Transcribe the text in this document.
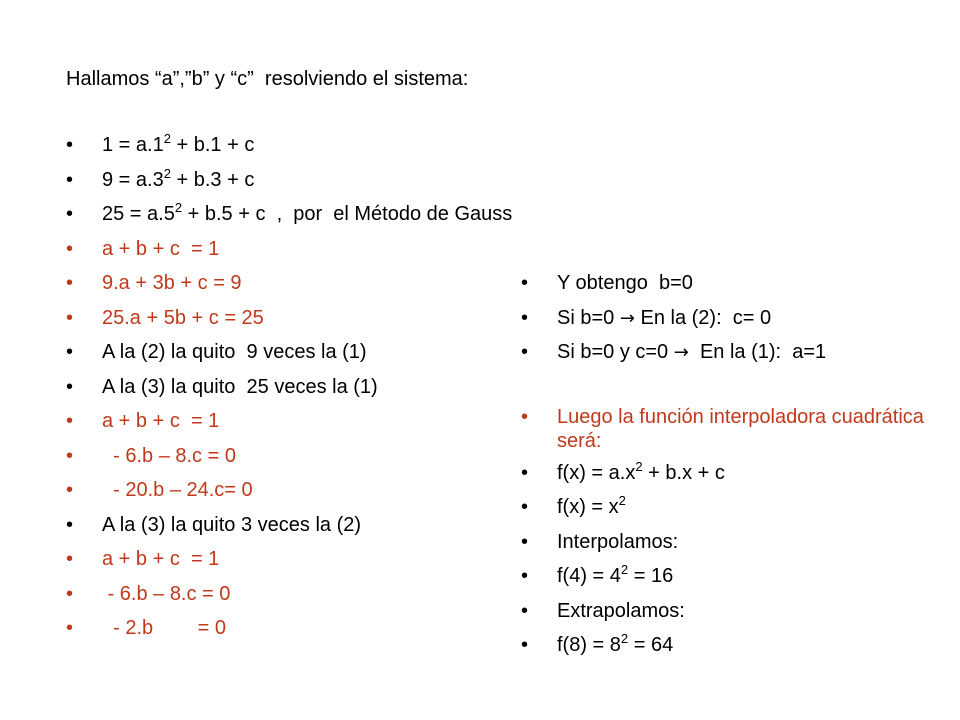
Hallamos “a”,”b” y “c”  resolviendo el sistema:
•	$1 = a.1^2 + b.1 + c$
•	$9 = a.3^2 + b.3 + c$
•	$25 = a.5^2 + b.5 + c$  ,  por  el Método de Gauss
•	a + b + c  = 1
•	9.a + 3b + c = 9
•	25.a + 5b + c = 25
•	A la (2) la quito  9 veces la (1)
•	A la (3) la quito  25 veces la (1)
•	a + b + c  = 1
•	- 6.b – 8.c = 0
•	- 20.b – 24.c= 0
•	A la (3) la quito 3 veces la (2)
•	a + b + c  = 1
•	- 6.b – 8.c = 0
•	- 2.b        = 0
•	Y obtengo  b=0
•	Si b=0 → En la (2):  c= 0
•	Si b=0 y c=0 →  En la (1):  a=1
•	Luego la función interpoladora cuadrática será:
•	$f(x) = a.x^2 + b.x + c$
•	$f(x) = x^2$
•	Interpolamos:
•	$f(4) = 4^2 = 16$
•	Extrapolamos:
•	$f(8) = 8^2 = 64$
